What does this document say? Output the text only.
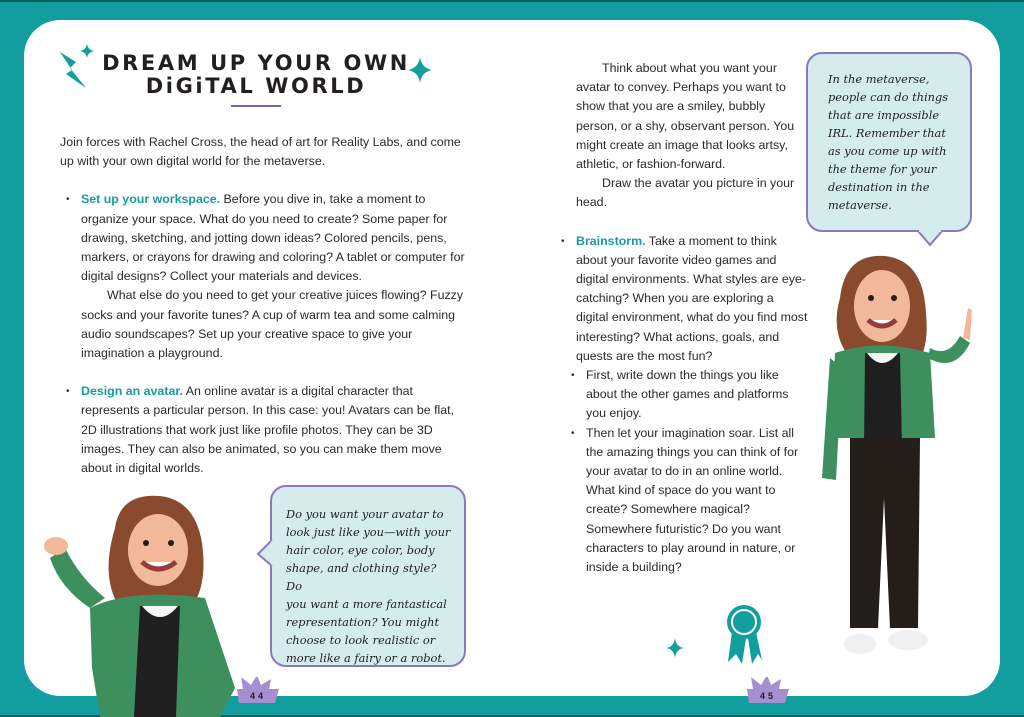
DREAM UP YOUR OWN
DiGiTAL WORLD

Join forces with Rachel Cross, the head of art for Reality Labs, and come up with your own digital world for the metaverse.

• Set up your workspace. Before you dive in, take a moment to organize your space. What do you need to create? Some paper for drawing, sketching, and jotting down ideas? Colored pencils, pens, markers, or crayons for drawing and coloring? A tablet or computer for digital designs? Collect your materials and devices.

What else do you need to get your creative juices flowing? Fuzzy socks and your favorite tunes? A cup of warm tea and some calming audio soundscapes? Set up your creative space to give your imagination a playground.

• Design an avatar. An online avatar is a digital character that represents a particular person. In this case: you! Avatars can be flat, 2D illustrations that work just like profile photos. They can be 3D images. They can also be animated, so you can make them move about in digital worlds.

Do you want your avatar to
look just like you—with your
hair color, eye color, body
shape, and clothing style? Do
you want a more fantastical
representation? You might
choose to look realistic or
more like a fairy or a robot.
44

Think about what you want your avatar to convey. Perhaps you want to show that you are a smiley, bubbly person, or a shy, observant person. You might create an image that looks artsy, athletic, or fashion-forward.

Draw the avatar you picture in your head.

• Brainstorm. Take a moment to think about your favorite video games and digital environments. What styles are eye-catching? When you are exploring a digital environment, what do you find most interesting? What actions, goals, and quests are the most fun?

• First, write down the things you like about the other games and platforms you enjoy.

• Then let your imagination soar. List all the amazing things you can think of for your avatar to do in an online world. What kind of space do you want to create? Somewhere magical? Somewhere futuristic? Do you want characters to play around in nature, or inside a building?

In the metaverse,
people can do things
that are impossible
IRL. Remember that
as you come up with
the theme for your
destination in the
metaverse.
45
